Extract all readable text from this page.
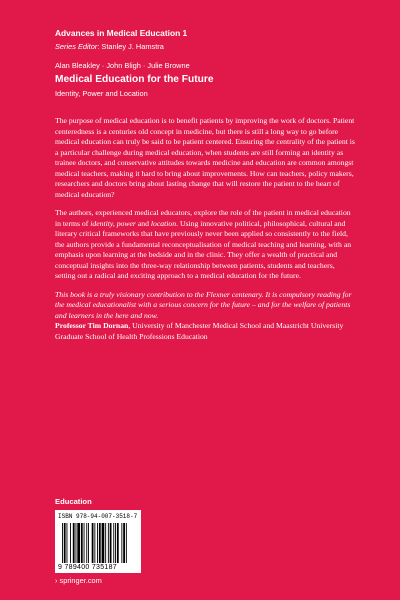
Advances in Medical Education 1
Series Editor: Stanley J. Hamstra
Alan Bleakley · John Bligh · Julie Browne
Medical Education for the Future
Identity, Power and Location

The purpose of medical education is to benefit patients by improving the work of doctors. Patient centeredness is a centuries old concept in medicine, but there is still a long way to go before medical education can truly be said to be patient centered. Ensuring the centrality of the patient is a particular challenge during medical education, when students are still forming an identity as trainee doctors, and conservative attitudes towards medicine and education are common amongst medical teachers, making it hard to bring about improvements. How can teachers, policy makers, researchers and doctors bring about lasting change that will restore the patient to the heart of medical education?

The authors, experienced medical educators, explore the role of the patient in medical education in terms of identity, power and location. Using innovative political, philosophical, cultural and literary critical frameworks that have previously never been applied so consistently to the field, the authors provide a fundamental reconceptualisation of medical teaching and learning, with an emphasis upon learning at the bedside and in the clinic. They offer a wealth of practical and conceptual insights into the three-way relationship between patients, students and teachers, setting out a radical and exciting approach to a medical education for the future.

This book is a truly visionary contribution to the Flexner centenary. It is compulsory reading for the medical educationalist with a serious concern for the future – and for the welfare of patients and learners in the here and now.

Professor Tim Dornan, University of Manchester Medical School and Maastricht University Graduate School of Health Professions Education

Education
ISBN 978-94-007-3518-7
9 789400 735187
› springer.com
